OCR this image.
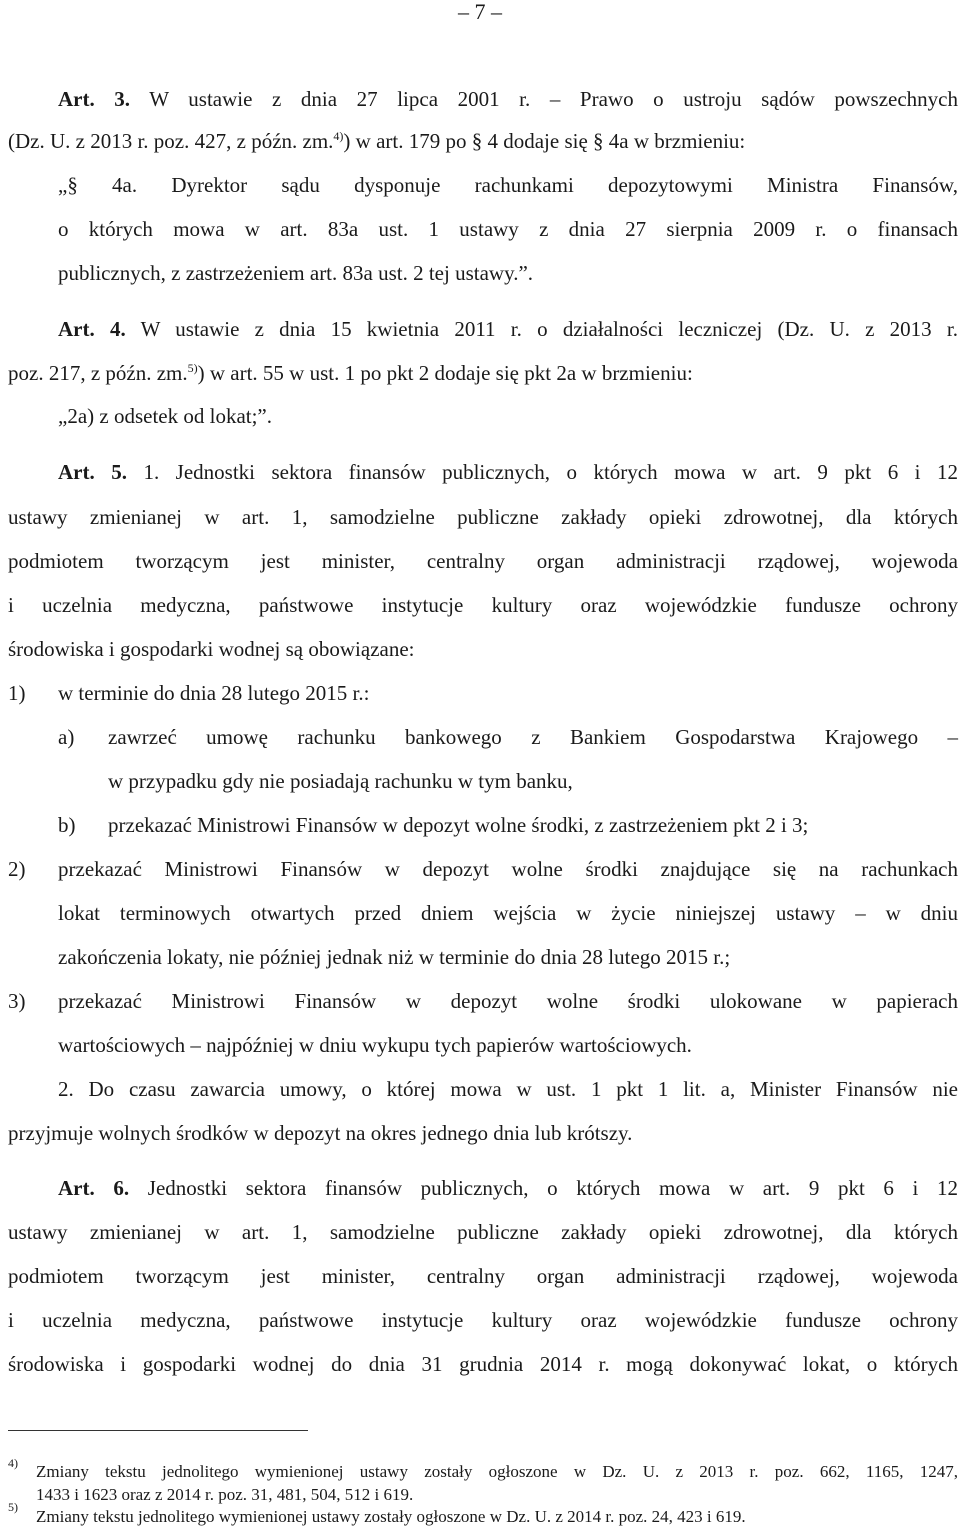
– 7 –
Art. 3. W ustawie z dnia 27 lipca 2001 r. – Prawo o ustroju sądów powszechnych
(Dz. U. z 2013 r. poz. 427, z późn. zm.$^{4)}$) w art. 179 po § 4 dodaje się § 4a w brzmieniu:
„§ 4a. Dyrektor sądu dysponuje rachunkami depozytowymi Ministra Finansów,
o których mowa w art. 83a ust. 1 ustawy z dnia 27 sierpnia 2009 r. o finansach
publicznych, z zastrzeżeniem art. 83a ust. 2 tej ustawy.”.
Art. 4. W ustawie z dnia 15 kwietnia 2011 r. o działalności leczniczej (Dz. U. z 2013 r.
poz. 217, z późn. zm.$^{5)}$) w art. 55 w ust. 1 po pkt 2 dodaje się pkt 2a w brzmieniu:
„2a) z odsetek od lokat;”.
Art. 5. 1. Jednostki sektora finansów publicznych, o których mowa w art. 9 pkt 6 i 12
ustawy zmienianej w art. 1, samodzielne publiczne zakłady opieki zdrowotnej, dla których
podmiotem tworzącym jest minister, centralny organ administracji rządowej, wojewoda
i uczelnia medyczna, państwowe instytucje kultury oraz wojewódzkie fundusze ochrony
środowiska i gospodarki wodnej są obowiązane:
1) w terminie do dnia 28 lutego 2015 r.:
a) zawrzeć umowę rachunku bankowego z Bankiem Gospodarstwa Krajowego –
w przypadku gdy nie posiadają rachunku w tym banku,
b) przekazać Ministrowi Finansów w depozyt wolne środki, z zastrzeżeniem pkt 2 i 3;
2) przekazać Ministrowi Finansów w depozyt wolne środki znajdujące się na rachunkach
lokat terminowych otwartych przed dniem wejścia w życie niniejszej ustawy – w dniu
zakończenia lokaty, nie później jednak niż w terminie do dnia 28 lutego 2015 r.;
3) przekazać Ministrowi Finansów w depozyt wolne środki ulokowane w papierach
wartościowych – najpóźniej w dniu wykupu tych papierów wartościowych.
2. Do czasu zawarcia umowy, o której mowa w ust. 1 pkt 1 lit. a, Minister Finansów nie
przyjmuje wolnych środków w depozyt na okres jednego dnia lub krótszy.
Art. 6. Jednostki sektora finansów publicznych, o których mowa w art. 9 pkt 6 i 12
ustawy zmienianej w art. 1, samodzielne publiczne zakłady opieki zdrowotnej, dla których
podmiotem tworzącym jest minister, centralny organ administracji rządowej, wojewoda
i uczelnia medyczna, państwowe instytucje kultury oraz wojewódzkie fundusze ochrony
środowiska i gospodarki wodnej do dnia 31 grudnia 2014 r. mogą dokonywać lokat, o których
4) Zmiany tekstu jednolitego wymienionej ustawy zostały ogłoszone w Dz. U. z 2013 r. poz. 662, 1165, 1247,
1433 i 1623 oraz z 2014 r. poz. 31, 481, 504, 512 i 619.
5) Zmiany tekstu jednolitego wymienionej ustawy zostały ogłoszone w Dz. U. z 2014 r. poz. 24, 423 i 619.
